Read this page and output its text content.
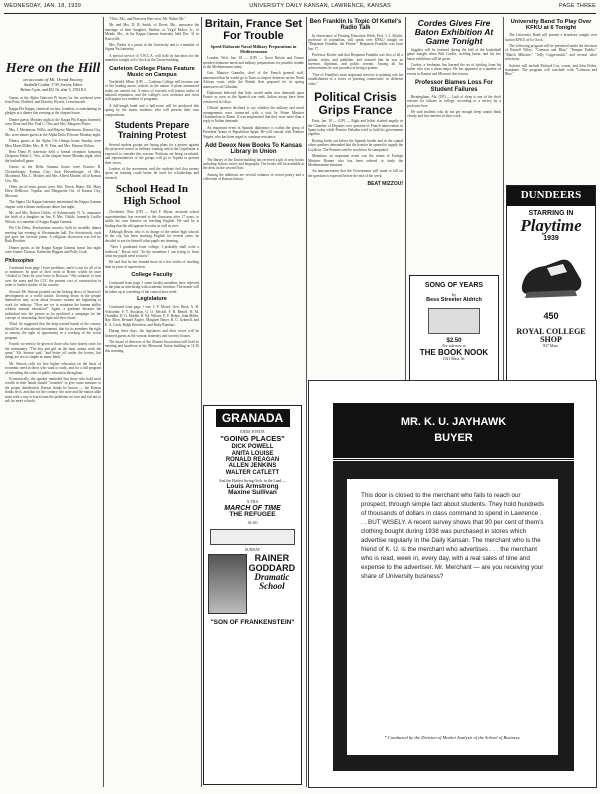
WEDNESDAY, JAN. 18, 1939	UNIVERSITY DAILY KANSAN, LAWRENCE, KANSAS	PAGE THREE
Here on the Hill
an account of Mt. Oread Society
Anabelle Coulter, 1°39, Society Editor
Before 5 p.m. and KU 16, after 5, 2703 K3

Guests at the Alpha Omicron Pi house for the weekend were Jean Potts, Holdred, and Dorothy Wyrick, Leavenworth.

Kappa Phi Kappa, chemical society, founders, is entertaining its pledges at a dinner this evening at the chapter house.

Dinner guests Monday night at the Kappa Phi Kappa fraternity were Dean and Mrs. Paul C. Otto and Mrs. Margaret Potter.

Mrs. J. Mertenson, Willis, and Majorie Mertenson, Kansas City, Mo. were dinner guests at the Alpha Delta Pi house Monday night.

Dinner guests at the Alpha Chi Omega house Sunday were Miss Marie Miller, Mrs. H. W. Pitts, and Mrs. Eleanor Wilson.

Beta Theta Pi fraternity held a formal reception honoring Chaperon Hattie L. Vito, at the chapter house Monday night, after the basketball game.

Guests at the Delta Gamma house were Frances B. Clickenberger, Kansas City; Jean Heisterberger, of Mrs. Moorhead, Mrs. L. Mosher, and Mrs. Alfred Mosher, all of Kansas City, Mo.

Other out-of-town guests were Mrs. Dorris Baker, Mr. Mary Ellen DeBlowa, Topeka; and Marguerite Ott, of Kansas City, Missouri.

The Sigma Chi Kappa fraternity entertained the Kappa Gamma chapter with a dinner and house dance last night.

Mr. and Mrs. Robert Childs, of Schenectady, N. Y., announce the birth of a daughter on Jan. 8. Mrs. Childs, formerly Lucille Wilson, is a member of Kappa Kappa Gamma.

Phi Chi Delta, Presbyterian sorority, held its monthly dinner meeting last evening at Westminster hall. For devotionals, each girl gave her favorite poem. A religious discussion was led by Ruth Bowden.

Dinner guests at the Kappa Kappa Gamma house last night were Jeanne Thomas, Katherine Higgins and Polly Cook.

Philosopher

Continued from page 1 have problems, and it is not for all of us to minimize. In spite of their work in Rome, which he once "choked to Teras by your leave to Rosscoe." His solution: to turn over the army and the CCC the present cost of construction in order to further studies of the country.

Second, Mr. Stetson pointed out the lacking direct of America's development as a world station. Growing decay in the people themselves may occur about because women are beginning to work for industry. "How are we to maintain the human ability without manual education?" Again, a graduate because the individual into the picture as he predicted a campaign for the concept of citizenship, their fight and their future.

Third, he suggested that the deep trusted hands of the country should be of educational instrument, that for its members the right to remain, the right of opportunity in a working of the social program.

Fourth, we need to be given to those who have honest cases for the community. "The boy and girl on the farm cannot work the same," Mr. Stetson said, "and better off under the bosses, but things are not as simple as many think."

Mr. Stetson calls for free higher education on the basis of economic need in those who want to study, and for a full program of extending the value of public education throughout.

Economically, the speaker reminded that those who hold most wealth in their hands should "consider" to give some measure to the proper distribution. Kansas thinks he knows — the Kansas thinks he is, and that for the country: the state and the nation alike must seek a way to learn from the problems we face and fail not to ask for more schools.

"Ohio, Mo., and Pinecrest Bay-view, Mr. Walter Mr."

Mr. and Mrs. D. B. Smith, of Dover, Mo., announce the marriage of their daughter, Pauline, to Virgil Parker, Jr., of Meade, Mo., in the Kappa Gamma fraternity held Dec. 31 in Knoxville.

Mrs. Parker is a junior at the University and is a member of Sigma Nu fraternity.

A special service of Y.W.C.A. will hold its luncheon for the members tonight at 6 o'clock in the Union building.

Carleton College Plans Feature Music on Campus

Northfield, Minn. (UP) — Carleton College will become one of the leading music schools in the nation if plans announced today are carried out. A series of concerts will feature artists of national reputation, and the college's own orchestra and choir will appear in a number of programs.

A full-length band and a hall-room will be produced this spring by the music students, who will present their own compositions.

Students Prepare Training Protest

Several student groups are laying plans for a protest against the proposed course in military training which the Legislature is expected to consider this session. Petitions are being circulated, and representatives of the groups will go to Topeka to present their views.

Leaders of the movement said the students feel that money spent on training could better be used for scholarships and research.

School Head In High School

Cleveland, Ohio (UP) — Earl F. Bryan, assistant school superintendent, has reverted to the classroom after 17 years, to tackle his own theories on teaching English. He said he is finding that the old approach works as well as ever.

Although Bryan, who is in charge of the senior high schools in the city, has been teaching English for several years, he decided to see for himself what pupils are learning.

"After I graduated from college, I probably shall write a textbook," Bryan said. "In the meantime I am trying to learn what my pupils need to know."

He said that he has learned more in a few weeks of teaching than in years of supervision.

College Faculty

Continued from page 1 some faculty members have objected to the plan as interfering with academic freedom. The matter will be taken up at a meeting of the council next week.

Legislature

Continued from page 1 wet: J. F. Moore, Geo. Bush, A. H. Schroeder, F. T. Stockton, G. O. Meckel, F. B. Benoff, H. M. Chandler, D. G. Marble, R. Ed. Wilson, E. F. Bebee, John Miller, Ray Allen, Bernard Eagles, Margaret Bayer, R. C. Grinnell, and E. A. Graft; Ralph Bertelsen, and Ruby Rinehart.

During these days, the legislators and their wives will be honored guests at the various fraternity and sorority houses.

The board of directors of the Alumni Association will hold its meeting and luncheon at the Memorial Union building at 11:30 this morning.

Britain, France Set For Trouble
Speed Elaborate Naval Military Preparations in Mediterranean

London, Wed. Jan. 18 — (UP) — Great Britain and France speeded elaborate naval and military preparations for possible trouble in the Mediterranean today.

Gen. Maurice Gamelin, chief of the French general staff, announced that he would go to Tunis to inspect defenses on the North African coast, while the British fleet prepared for its spring maneuvers off Gibraltar.

Diplomats believed that Italy would make new demands upon France as soon as the Spanish war ends. Italian troops have been reinforced in Libya.

Official quarters declined to say whether the military and naval arrangements were connected with a visit by Prime Minister Chamberlain to Rome. It was emphasized that they were more than a reply to Italian demands.

An important event in Spanish diplomacy is within the grasp of President Azana of Republican Spain. He will consult with Premier Negrin, who has been urged to continue resistance.

Add Deeox New Books To Kansas Library in Union

The library of the Union building has received a gift of new books including fiction, travel, and biography. The books will be available at the desk on the second floor.

Among the additions are several volumes of recent poetry and a collection of Kansas history.

GRANADA
ENDS TONITE
"GOING PLACES"
DICK POWELL
ANITA LOUISE
RONALD REAGAN
ALLEN JENKINS
WALTER CATLETT
And the Hottest Swing Orch. in the Land —
Louis Armstrong
Maxine Sullivan
X-TRA
MARCH OF TIME
THE REFUGEE
ALSO
SUNDAY
RAINER
GODDARD
Dramatic
School
"SON OF FRANKENSTEIN"
Ben Franklin Is Topic Of Kettel's Radio Talk

In observance of Printing Education Week, Prof. J. J. Kistler, professor of journalism, will speak over KFKU tonight on "Benjamin Franklin, the Printer." Benjamin Franklin was born Jan. 17.

Professor Kistler said that Benjamin Franklin was first of all a printer, writer, and publisher, and stressed that he was an inventor, diplomat, and public servant. Among all his achievements he was proudest of being a printer.

"One of Franklin's most important services to printing was his establishment of a series of 'printing connections' in different cities."

Political Crisis Grips France

Paris, Jan. 18 — (UP) — Right and leftist clashed angrily in the Chamber of Deputies over question of French intervention in Spain today while Premier Daladier tried to hold his government together.

Rioting broke out before the Spanish border and in the capital when speakers demanded that the frontier be opened to supply the Loyalists. The Premier said he would not be stampeded.

Meantime, an important event was the return of Foreign Minister Bonnet who has been ordered to study the Mediterranean situation.

An announcement that the Government will stand or fall on the question is expected before the end of the week.

BEAT MIZZOU!
Cordes Gives Fire Baton Exhibition At Game Tonight

Jugglers will be featured during the half of the basketball game tonight when Bob Cordes, twirling baton, and his fire baton exhibition will be given.

Cordes, a freshman, has learned the art of twirling from his father who was a drum major. He has appeared at a number of events in Kansas and Missouri this season.

Professor Blames Loss For Student Failures

Birmingham, Ala. (UP) — Lack of sleep is one of the chief reasons for failures in college, according to a survey by a professor here.

He said students who do not get enough sleep cannot think clearly and lose interest in their work.

SONG OF YEARS
by
Bess Streeter Aldrich
$2.50
For sale now at
THE BOOK NOOK
1021 Mass. St.
University Band To Play Over KFKU at 6 Tonight

The University Band will present a broadcast tonight over station KFKU at 6 o'clock.

The following program will be presented under the direction of Russell Wiley: "Crimson and Blue," "Semper Fidelis," "March Militaire," "Jolly Coppersmith," and several other selections.

Soloists will include Richard Cox, cornet, and John Fisher, trombone. The program will conclude with "Crimson and Blue."

DUNDEERS
STARRING IN
Playtime
1939
450
ROYAL COLLEGE SHOP
837 Mass.
MR. K. U. JAYHAWK
BUYER
This door is closed to the merchant who fails to reach our prospect, through simple fact about students. They hold hundreds of thousands of dollars in class command to spend in Lawrence . . . BUT WISELY. A recent survey shows that 90 per cent of them's clothing bought during 1938 was purchased in stores which advertise regularly in the Daily Kansan. The merchant who is the friend of K. U. is the merchant who advertises . . . the merchant who is read, week in, every day, with a real sales of time and expense to the advertiser. Mr. Merchant — are you receiving your share of University business?
* Conducted by the Division of Market Analysis of the School of Business.
